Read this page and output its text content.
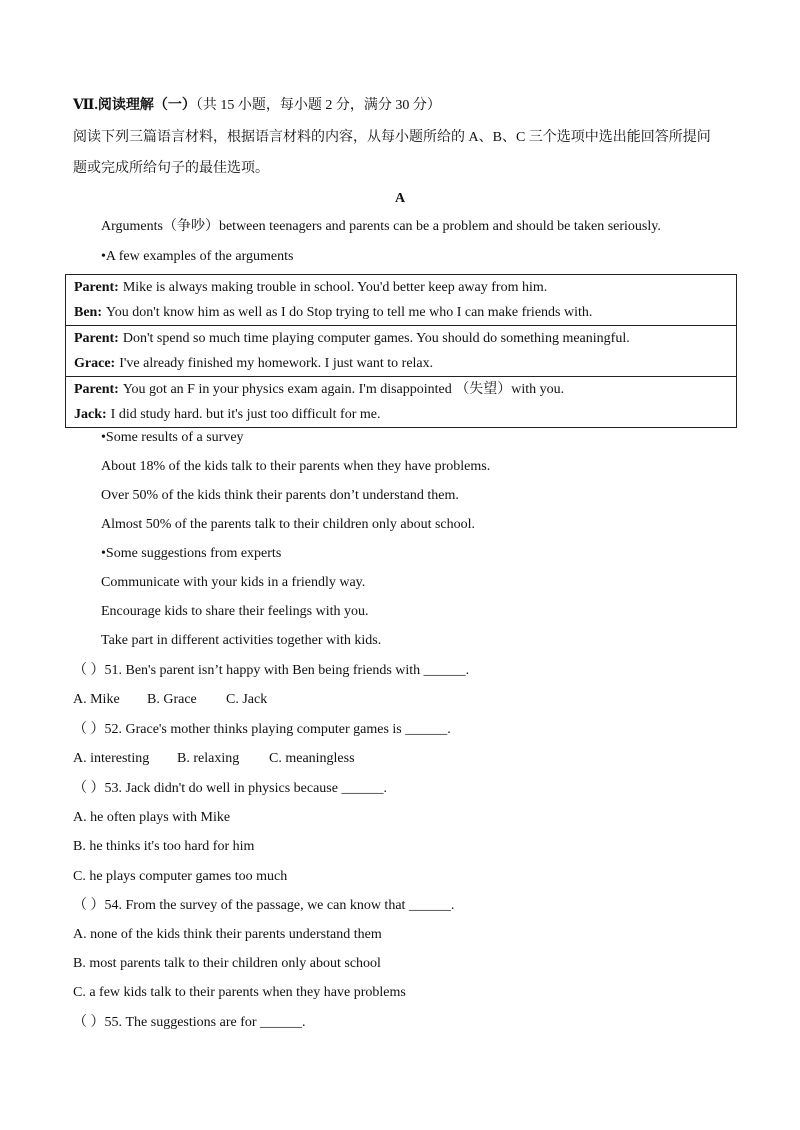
Ⅶ.阅读理解（一）（共 15 小题，每小题 2 分，满分 30 分）
阅读下列三篇语言材料，根据语言材料的内容，从每小题所给的 A、B、C 三个选项中选出能回答所提问
题或完成所给句子的最佳选项。
A
Arguments（争吵）between teenagers and parents can be a problem and should be taken seriously.
•A few examples of the arguments
Parent: Mike is always making trouble in school. You'd better keep away from him.
Ben: You don't know him as well as I do Stop trying to tell me who I can make friends with.
Parent: Don't spend so much time playing computer games. You should do something meaningful.
Grace: I've already finished my homework. I just want to relax.
Parent: You got an F in your physics exam again. I'm disappointed （失望）with you.
Jack: I did study hard. but it's just too difficult for me.
•Some results of a survey
About 18% of the kids talk to their parents when they have problems.
Over 50% of the kids think their parents don’t understand them.
Almost 50% of the parents talk to their children only about school.
•Some suggestions from experts
Communicate with your kids in a friendly way.
Encourage kids to share their feelings with you.
Take part in different activities together with kids.
（ ）51. Ben's parent isn’t happy with Ben being friends with ______.
A. Mike B. Grace C. Jack
（ ）52. Grace's mother thinks playing computer games is ______.
A. interesting B. relaxing C. meaningless
（ ）53. Jack didn't do well in physics because ______.
A. he often plays with Mike
B. he thinks it's too hard for him
C. he plays computer games too much
（ ）54. From the survey of the passage, we can know that ______.
A. none of the kids think their parents understand them
B. most parents talk to their children only about school
C. a few kids talk to their parents when they have problems
（ ）55. The suggestions are for ______.
